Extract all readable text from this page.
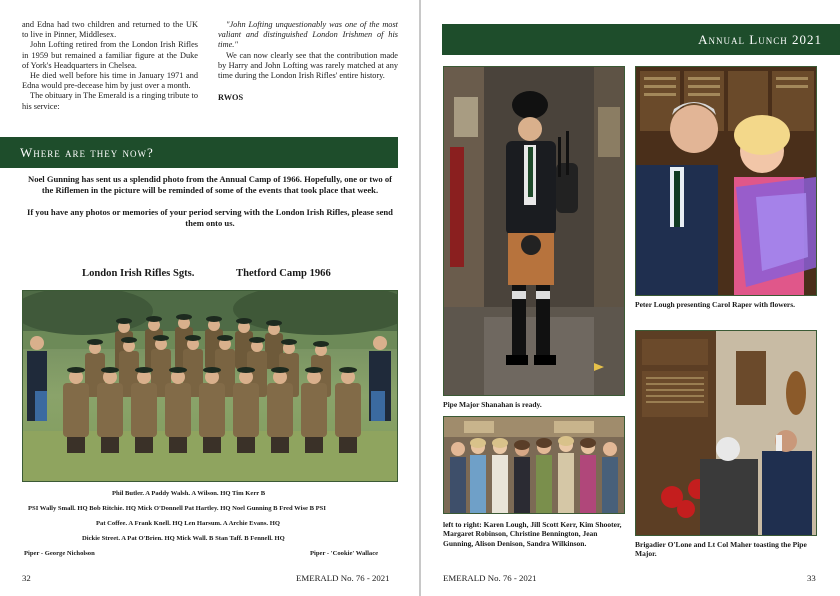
and Edna had two children and returned to the UK to live in Pinner, Middlesex.

John Lofting retired from the London Irish Rifles in 1959 but remained a familiar figure at the Duke of York's Headquarters in Chelsea.

He died well before his time in January 1971 and Edna would pre-decease him by just over a month.

The obituary in The Emerald is a ringing tribute to his service:

"John Lofting unquestionably was one of the most valiant and distinguished London Irishmen of his time."

We can now clearly see that the contribution made by Harry and John Lofting was rarely matched at any time during the London Irish Rifles' entire history.

RWOS

Where are they now?

Noel Gunning has sent us a splendid photo from the Annual Camp of 1966. Hopefully, one or two of the Riflemen in the picture will be reminded of some of the events that took place that week.

If you have any photos or memories of your period serving with the London Irish Rifles, please send them onto us.

London Irish Rifles Sgts.	Thetford Camp 1966
Phil Butler. A Paddy Walsh. A Wilson. HQ Tim Kerr B
PSI Wally Small. HQ Bob Ritchie. HQ Mick O'Donnell Pat Hartley. HQ Noel Gunning B Fred Wise B PSI
Pat Coffee. A Frank Knell. HQ Len Harsum. A Archie Evans. HQ
Dickie Street. A Pat O'Brien. HQ Mick Wall. B Stan Taff. B Fennell. HQ
Piper - George Nicholson	Piper - 'Cookie' Wallace
32	EMERALD No. 76 - 2021
Annual Lunch 2021
Pipe Major Shanahan is ready.
Peter Lough presenting Carol Raper with flowers.
left to right: Karen Lough, Jill Scott Kerr, Kim Shooter, Margaret Robinson, Christine Bennington, Jean Gunning, Alison Denison, Sandra Wilkinson.	Brigadier O'Lone and Lt Col Maher toasting the Pipe Major.
EMERALD No. 76 - 2021	33
